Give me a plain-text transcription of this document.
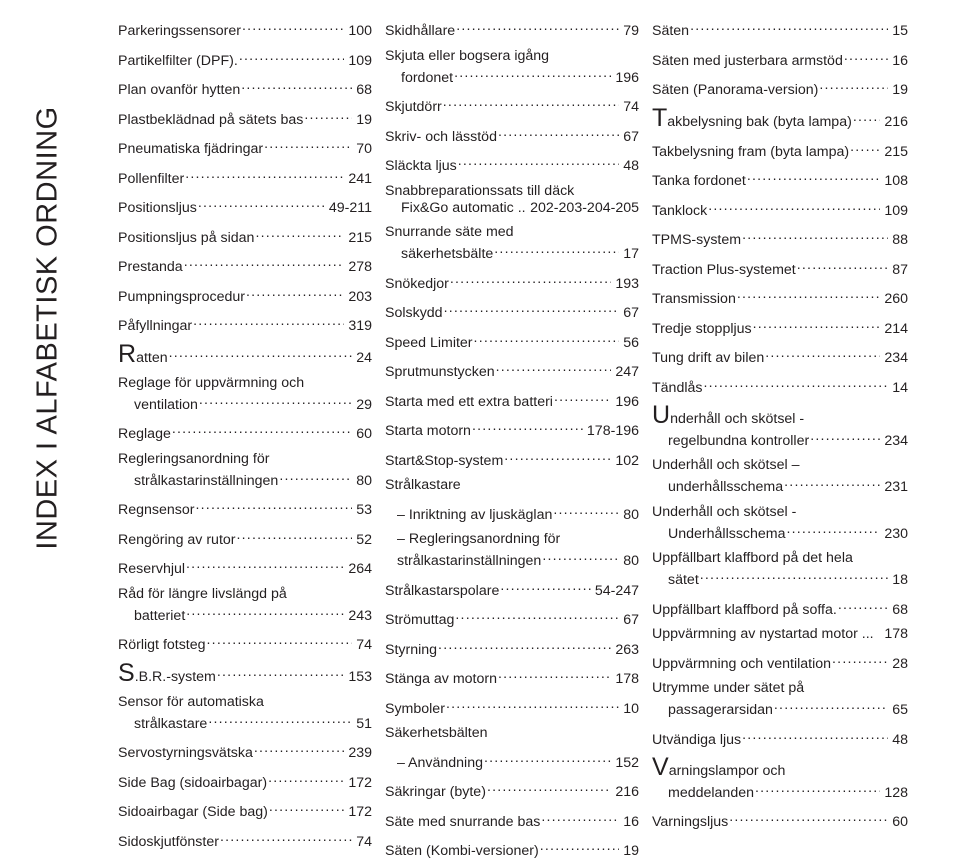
INDEX I ALFABETISK ORDNING
Parkeringssensorer .....	100
Partikelfilter (DPF). .....	109
Plan ovanför hytten .....	68
Plastbeklädnad på sätets bas .....	19
Pneumatiska fjädringar .....	70
Pollenfilter .....	241
Positionsljus .....	49-211
Positionsljus på sidan .....	215
Prestanda .....	278
Pumpningsprocedur .....	203
Påfyllningar .....	319
R atten .....	24
Reglage för uppvärmning och
ventilation .....	29
Reglage .....	60
Regleringsanordning för
strålkastarinställningen .....	80
Regnsensor .....	53
Rengöring av rutor .....	52
Reservhjul .....	264
Råd för längre livslängd på
batteriet .....	243
Rörligt fotsteg .....	74
S .B.R.-system .....	153
Sensor för automatiska
strålkastare .....	51
Servostyrningsvätska .....	239
Side Bag (sidoairbagar) .....	172
Sidoairbagar (Side bag) .....	172
Sidoskjutfönster .....	74
Skidhållare .....	79
Skjuta eller bogsera igång
fordonet .....	196
Skjutdörr .....	74
Skriv- och lässtöd .....	67
Släckta ljus .....	48
Snabbreparationssats till däck
Fix&Go automatic .. 202-203-204-205
Snurrande säte med
säkerhetsbälte .....	17
Snökedjor .....	193
Solskydd .....	67
Speed Limiter .....	56
Sprutmunstycken .....	247
Starta med ett extra batteri .....	196
Starta motorn .....	178-196
Start&Stop-system .....	102
Strålkastare
– Inriktning av ljuskäglan .....	80
– Regleringsanordning för
strålkastarinställningen .....	80
Strålkastarspolare .....	54-247
Strömuttag .....	67
Styrning .....	263
Stänga av motorn .....	178
Symboler .....	10
Säkerhetsbälten
– Användning .....	152
Säkringar (byte) .....	216
Säte med snurrande bas .....	16
Säten (Kombi-versioner) .....	19
Säten .....	15
Säten med justerbara armstöd .....	16
Säten (Panorama-version) .....	19
T akbelysning bak (byta lampa) ..... 216
Takbelysning fram (byta lampa) ..... 215
Tanka fordonet .....	108
Tanklock .....	109
TPMS-system .....	88
Traction Plus-systemet .....	87
Transmission .....	260
Tredje stoppljus .....	214
Tung drift av bilen .....	234
Tändlås .....	14
Underhåll och skötsel -
regelbundna kontroller .....	234
Underhåll och skötsel –
underhållsschema .....	231
Underhåll och skötsel -
Underhållsschema .....	230
Uppfällbart klaffbord på det hela
sätet .....	18
Uppfällbart klaffbord på soffa. .....	68
Uppvärmning av nystartad motor ... 178
Uppvärmning och ventilation .....	28
Utrymme under sätet på
passagerarsidan .....	65
Utvändiga ljus .....	48
Varningslampor och
meddelanden .....	128
Varningsljus .....	60
